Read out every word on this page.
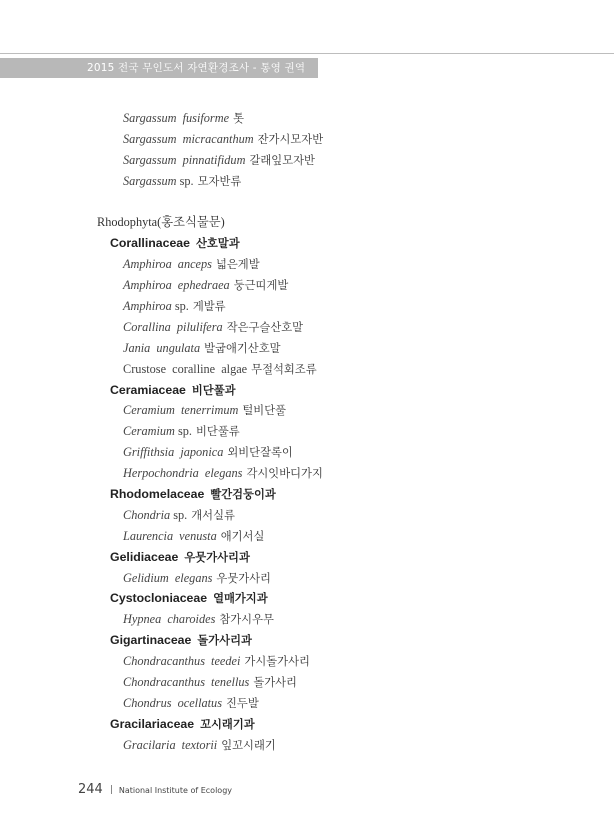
2015 전국 무인도서 자연환경조사 - 통영 권역
Sargassum fusiforme 톳
Sargassum micracanthum 잔가시모자반
Sargassum pinnatifidum 갈래잎모자반
Sargassum sp. 모자반류
Rhodophyta(홍조식물문)
Corallinaceae 산호말과
Amphiroa anceps 넓은게발
Amphiroa ephedraea 둥근띠게발
Amphiroa sp. 게발류
Corallina pilulifera 작은구슬산호말
Jania ungulata 발굽애기산호말
Crustose coralline algae 무절석회조류
Ceramiaceae 비단풀과
Ceramium tenerrimum 털비단풀
Ceramium sp. 비단풀류
Griffithsia japonica 외비단잘록이
Herpochondria elegans 각시잇바디가지
Rhodomelaceae 빨간검둥이과
Chondria sp. 개서실류
Laurencia venusta 애기서실
Gelidiaceae 우뭇가사리과
Gelidium elegans 우뭇가사리
Cystocloniaceae 열매가지과
Hypnea charoides 참가시우무
Gigartinaceae 돌가사리과
Chondracanthus teedei 가시돌가사리
Chondracanthus tenellus 돌가사리
Chondrus ocellatus 진두발
Gracilariaceae 꼬시래기과
Gracilaria textorii 잎꼬시래기
244 National Institute of Ecology
